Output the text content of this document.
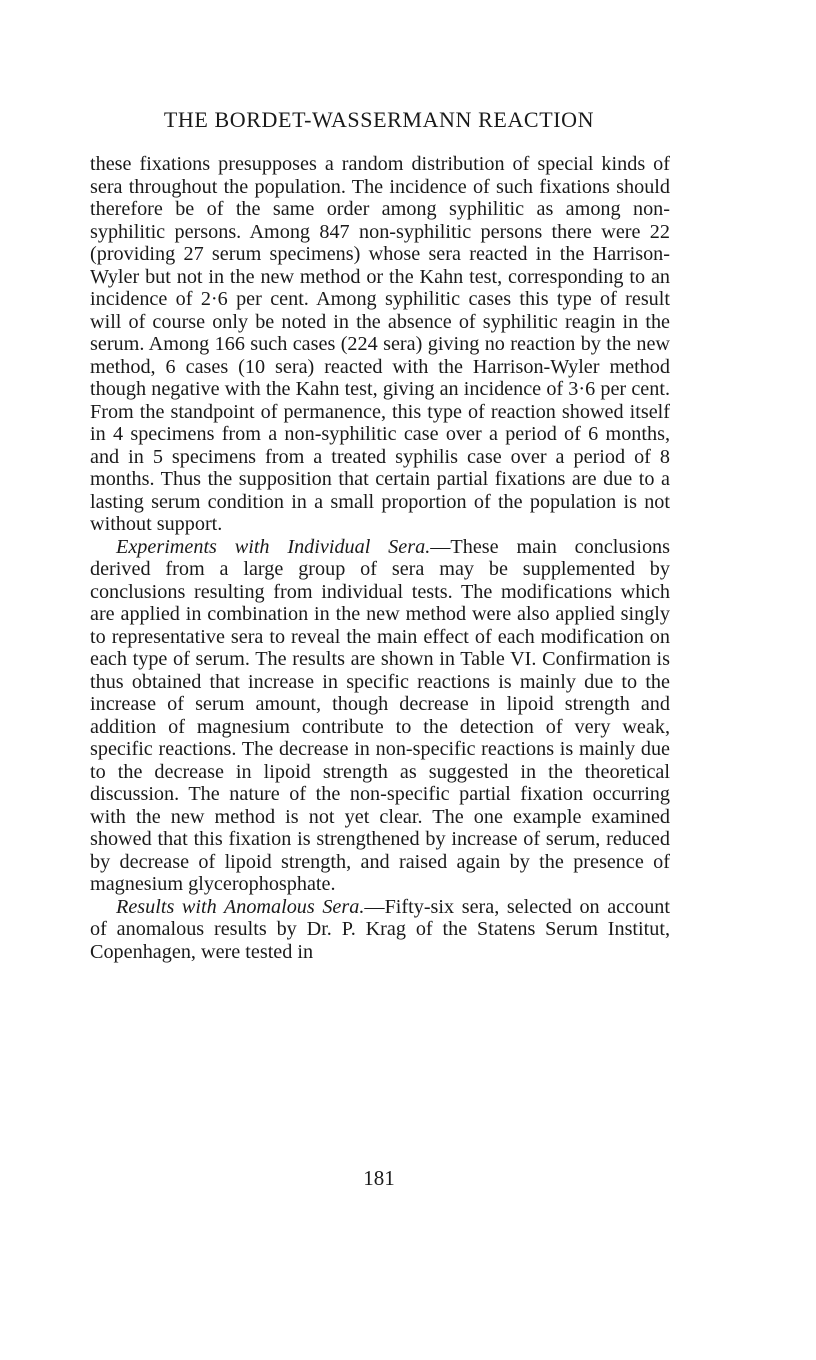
THE BORDET-WASSERMANN REACTION

these fixations presupposes a random distribution of special kinds of sera throughout the population. The incidence of such fixations should therefore be of the same order among syphilitic as among non-syphilitic persons. Among 847 non-syphilitic persons there were 22 (providing 27 serum specimens) whose sera reacted in the Harrison-Wyler but not in the new method or the Kahn test, corresponding to an incidence of 2·6 per cent. Among syphilitic cases this type of result will of course only be noted in the absence of syphilitic reagin in the serum. Among 166 such cases (224 sera) giving no reaction by the new method, 6 cases (10 sera) reacted with the Harrison-Wyler method though negative with the Kahn test, giving an incidence of 3·6 per cent. From the standpoint of permanence, this type of reaction showed itself in 4 specimens from a non-syphilitic case over a period of 6 months, and in 5 specimens from a treated syphilis case over a period of 8 months. Thus the supposition that certain partial fixations are due to a lasting serum condition in a small proportion of the population is not without support.

Experiments with Individual Sera.—These main conclusions derived from a large group of sera may be supplemented by conclusions resulting from individual tests. The modifications which are applied in combination in the new method were also applied singly to representative sera to reveal the main effect of each modification on each type of serum. The results are shown in Table VI. Confirmation is thus obtained that increase in specific reactions is mainly due to the increase of serum amount, though decrease in lipoid strength and addition of magnesium contribute to the detection of very weak, specific reactions. The decrease in non-specific reactions is mainly due to the decrease in lipoid strength as suggested in the theoretical discussion. The nature of the non-specific partial fixation occurring with the new method is not yet clear. The one example examined showed that this fixation is strengthened by increase of serum, reduced by decrease of lipoid strength, and raised again by the presence of magnesium glycerophosphate.

Results with Anomalous Sera.—Fifty-six sera, selected on account of anomalous results by Dr. P. Krag of the Statens Serum Institut, Copenhagen, were tested in

181
